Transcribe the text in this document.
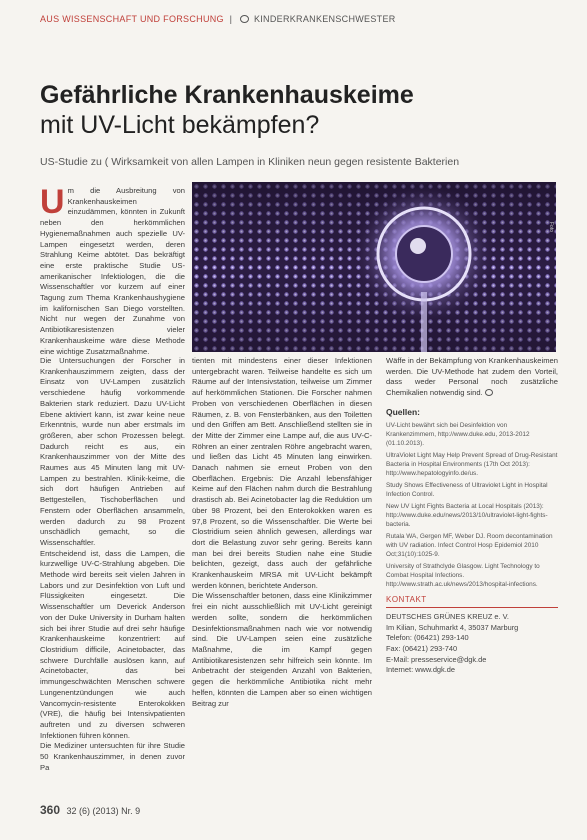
AUS WISSENSCHAFT UND FORSCHUNG | KINDERKRANKENSCHWESTER
Gefährliche Krankenhauskeime
mit UV-Licht bekämpfen?
US-Studie zu ( Wirksamkeit von allen Lampen in Kliniken neun gegen resistente Bakterien
Foto
U m die Ausbreitung von Krankenhauskeimen einzudämmen, könnten in Zukunft neben den herkömmlichen Hygienemaßnahmen auch spezielle UV-Lampen eingesetzt werden, deren Strahlung Keime abtötet. Das bekräftigt eine erste praktische Studie US-amerikanischer Infektiologen, die die Wissenschaftler vor kurzem auf einer Tagung zum Thema Krankenhaushygiene im kalifornischen San Diego vorstellten. Nicht nur wegen der Zunahme von Antibiotikaresistenzen vieler Krankenhauskeime wäre diese Methode eine wichtige Zusatzmaßnahme.

Die Untersuchungen der Forscher in Krankenhauszimmern zeigten, dass der Einsatz von UV-Lampen zusätzlich verschiedene häufig vorkommende Bakterien stark reduziert. Dazu UV-Licht Ebene aktiviert kann, ist zwar keine neue Erkenntnis, wurde nun aber erstmals im größeren, aber schon Prozessen belegt. Dadurch reicht es aus, ein Krankenhauszimmer von der Mitte des Raumes aus 45 Minuten lang mit UV-Lampen zu bestrahlen. Klinik-keime, die sich dort häufigen Antrieben auf Bettgestellen, Tischoberflächen und Fenstern oder Oberflächen ansammeln, werden dadurch zu 98 Prozent unschädlich gemacht, so die Wissenschaftler.

Entscheidend ist, dass die Lampen, die kurzwellige UV-C-Strahlung abgeben. Die Methode wird bereits seit vielen Jahren in Labors und zur Desinfektion von Luft und Flüssigkeiten eingesetzt. Die Wissenschaftler um Deverick Anderson von der Duke University in Durham halten sich bei ihrer Studie auf drei sehr häufige Krankenhauskeime konzentriert: auf Clostridium difficile, Acinetobacter, das schwere Durchfälle auslösen kann, auf Acinetobacter, das bei immungeschwächten Menschen schwere Lungenentzündungen wie auch Vancomycin-resistente Enterokokken (VRE), die häufig bei Intensivpatienten auftreten und zu diversen schweren Infektionen führen können.

Die Mediziner untersuchten für ihre Studie 50 Krankenhauszimmer, in denen zuvor Pa

tienten mit mindestens einer dieser Infektionen untergebracht waren. Teilweise handelte es sich um Räume auf der Intensivstation, teilweise um Zimmer auf herkömmlichen Stationen. Die Forscher nahmen Proben von verschiedenen Oberflächen in diesen Räumen, z. B. von Fensterbänken, aus den Toiletten und den Griffen am Bett. Anschließend stellten sie in der Mitte der Zimmer eine Lampe auf, die aus UV-C-Röhren an einer zentralen Röhre angebracht waren, und ließen das Licht 45 Minuten lang einwirken. Danach nahmen sie erneut Proben von den Oberflächen. Ergebnis: Die Anzahl lebensfähiger Keime auf den Flächen nahm durch die Bestrahlung drastisch ab. Bei Acinetobacter lag die Reduktion um über 98 Prozent, bei den Enterokokken waren es 97,8 Prozent, so die Wissenschaftler. Die Werte bei Clostridium seien ähnlich gewesen, allerdings war dort die Belastung zuvor sehr gering. Bereits kann man bei drei bereits Studien nahe eine Studie belichten, gezeigt, dass auch der gefährliche Krankenhauskeim MRSA mit UV-Licht bekämpft werden können, berichtete Anderson.

Die Wissenschaftler betonen, dass eine Klinikzimmer frei ein nicht ausschließlich mit UV-Licht gereinigt werden sollte, sondern die herkömmlichen Desinfektionsmaßnahmen nach wie vor notwendig sind. Die UV-Lampen seien eine zusätzliche Maßnahme, die im Kampf gegen Antibiotikaresistenzen sehr hilfreich sein könnte. Im Anbetracht der steigenden Anzahl von Bakterien, gegen die herkömmliche Antibiotika nicht mehr helfen, könnten die Lampen aber so einen wichtigen Beitrag zur

Wäffe in der Bekämpfung von Krankenhauskeimen werden. Die UV-Methode hat zudem den Vorteil, dass weder Personal noch zusätzliche Chemikalien notwendig sind.

Quellen:

UV-Licht bewährt sich bei Desinfektion von Krankenzimmern, http://www.duke.edu, 2013-2012 (01.10.2013).

UltraViolet Light May Help Prevent Spread of Drug-Resistant Bacteria in Hospital Environments (17th Oct 2013): http://www.hepatologyinfo.de/us.

Study Shows Effectiveness of Ultraviolet Light in Hospital Infection Control.

New UV Light Fights Bacteria at Local Hospitals (2013): http://www.duke.edu/news/2013/10/ultraviolet-light-fights-bacteria.

Rutala WA, Gergen MF, Weber DJ. Room decontamination with UV radiation. Infect Control Hosp Epidemiol 2010 Oct;31(10):1025-9.

University of Strathclyde Glasgow. Light Technology to Combat Hospital Infections. http://www.strath.ac.uk/news/2013/hospital-infections.

KONTAKT

DEUTSCHES GRÜNES KREUZ e. V.

Im Kilian, Schuhmarkt 4, 35037 Marburg

Telefon: (06421) 293-140

Fax: (06421) 293-740

E-Mail: presseservice@dgk.de

Internet: www.dgk.de

360 32 (6) (2013) Nr. 9
